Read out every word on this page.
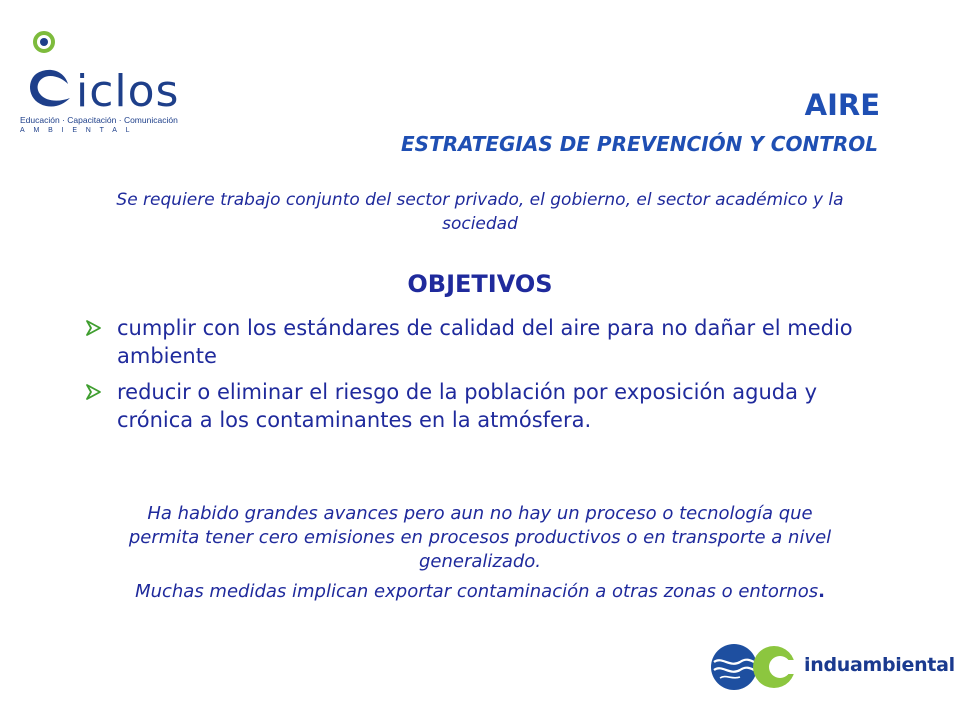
iclos
Educación · Capacitación · Comunicación
AMBIENTAL
AIRE
ESTRATEGIAS DE PREVENCIÓN Y CONTROL
Se requiere trabajo conjunto del sector privado, el gobierno, el sector académico y la sociedad
OBJETIVOS
cumplir con los estándares de calidad del aire para no dañar el medio ambiente
reducir o eliminar el riesgo de la población por exposición aguda y crónica a los contaminantes en la atmósfera.

Ha habido grandes avances pero aun no hay un proceso o tecnología que permita tener cero emisiones en procesos productivos o en transporte a nivel generalizado.

Muchas medidas implican exportar contaminación a otras zonas o entornos.

induambiental
